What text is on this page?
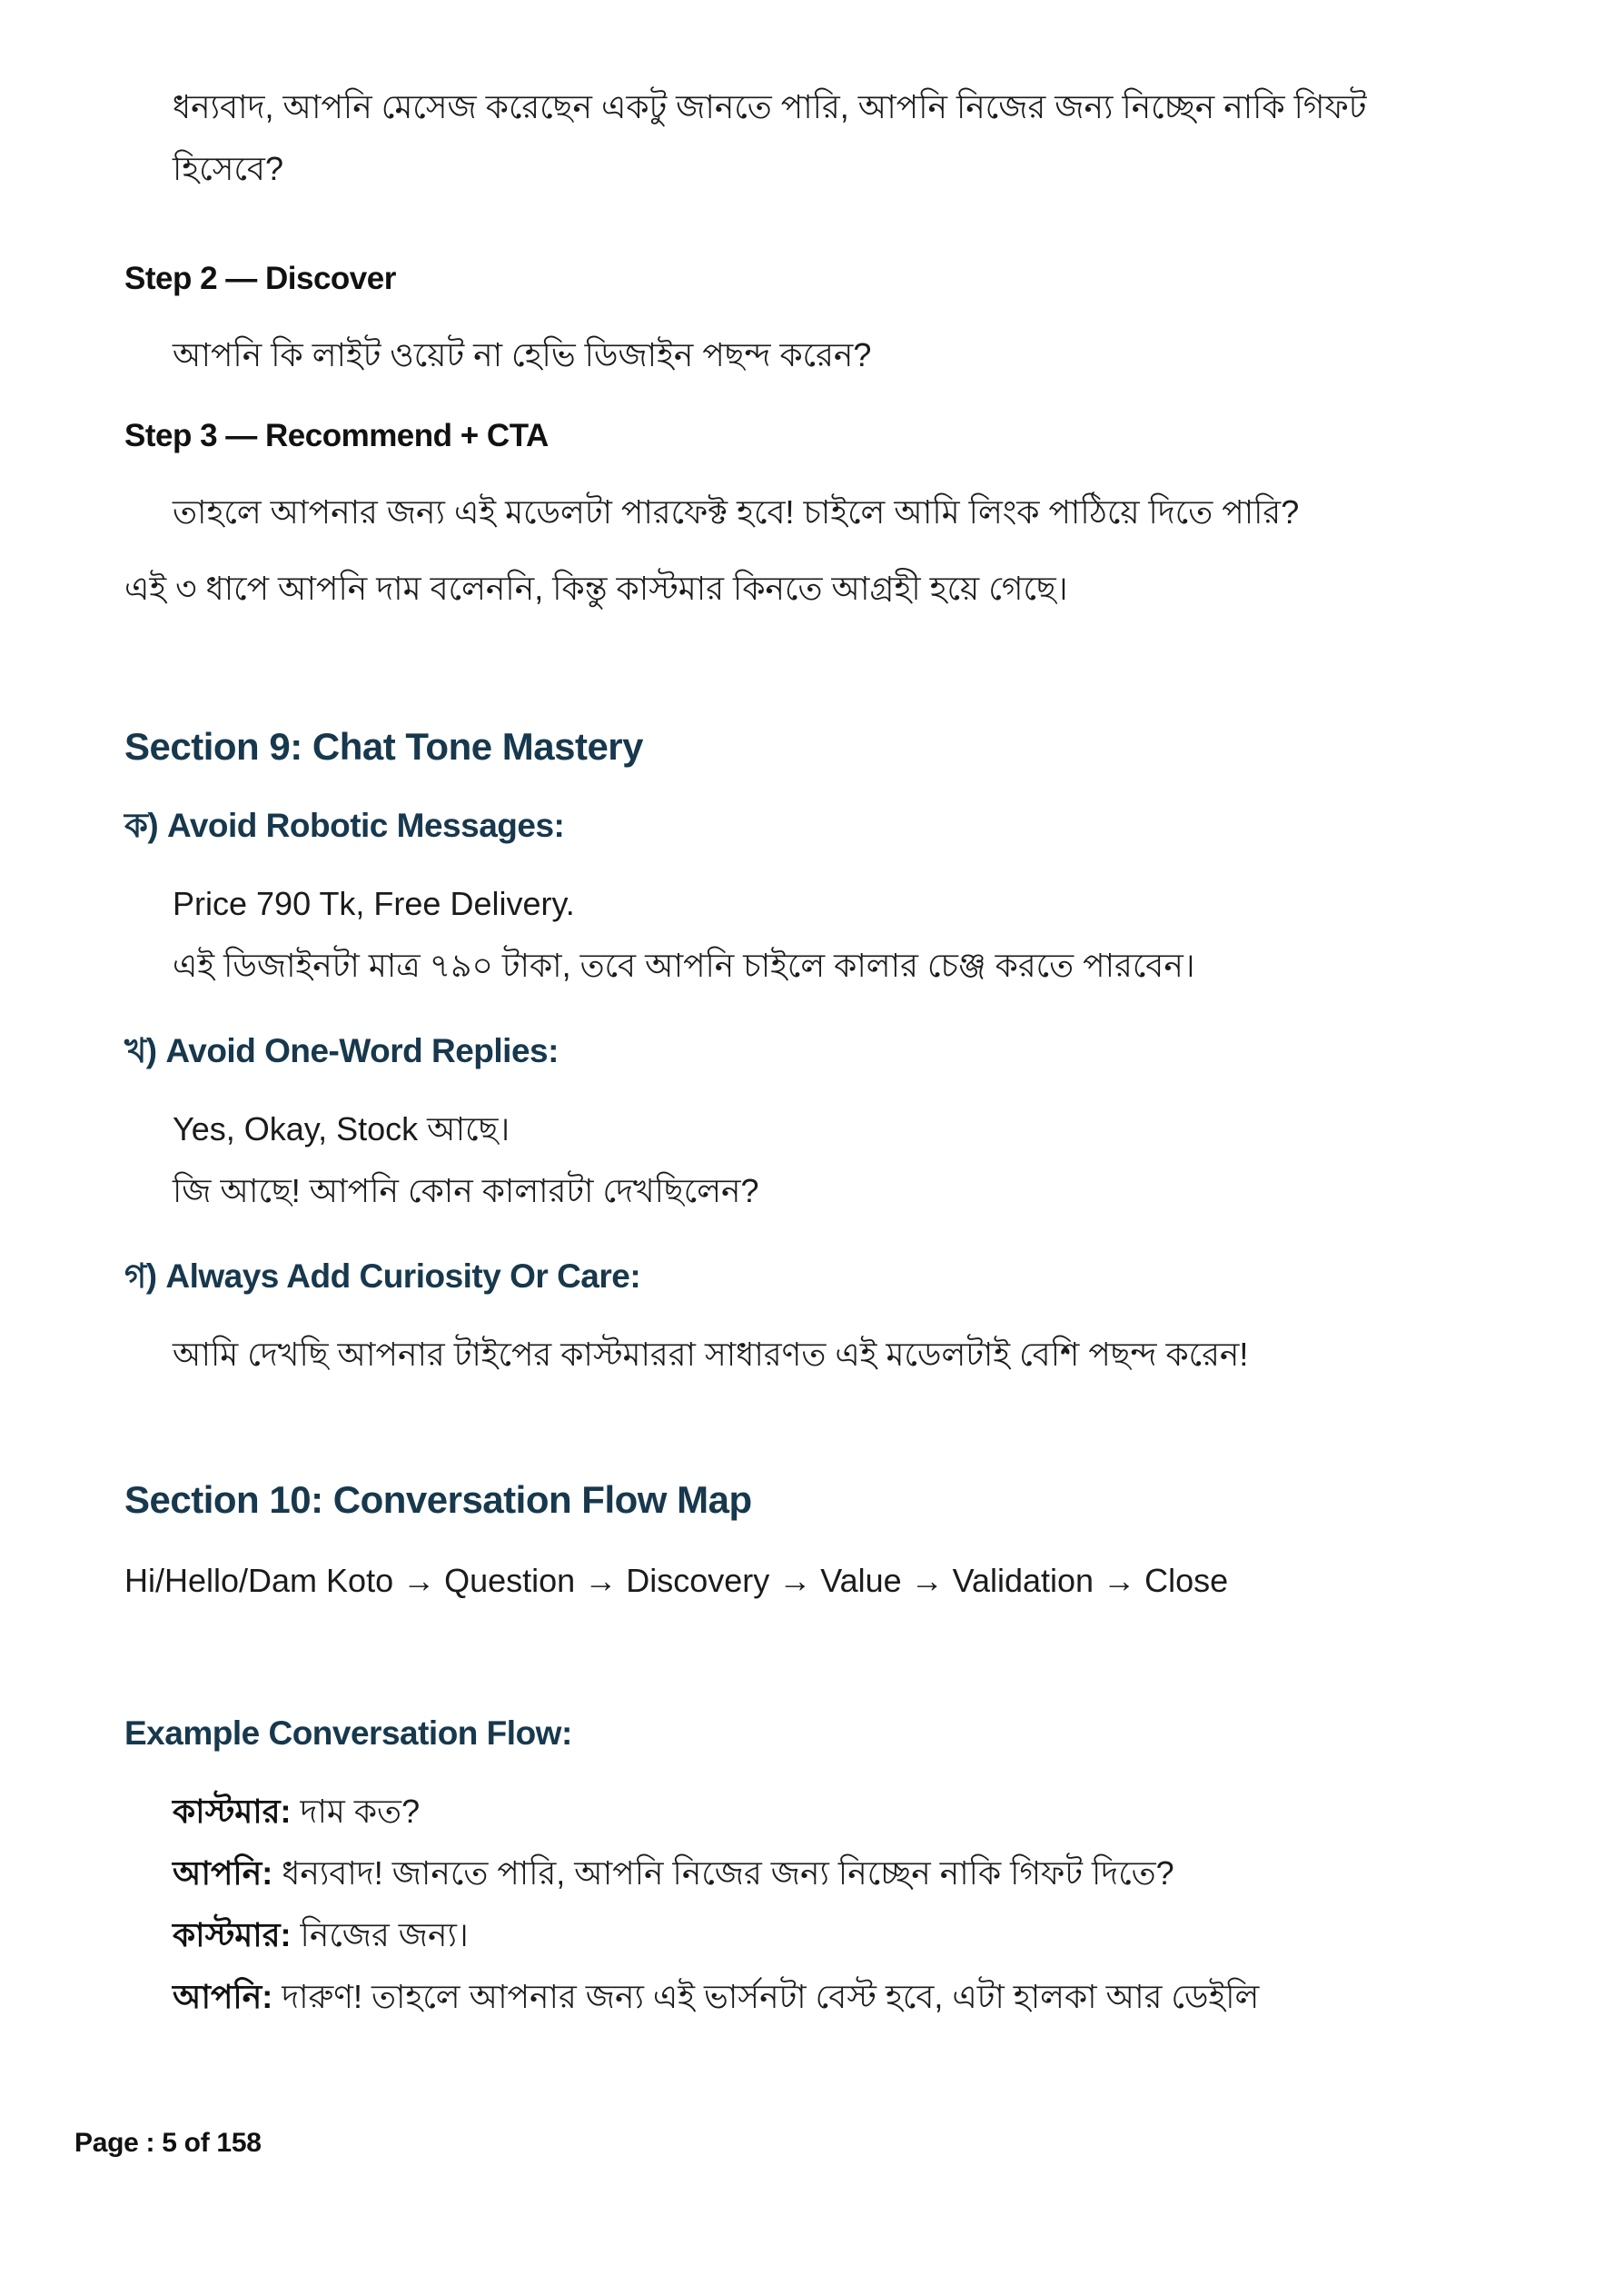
ধন্যবাদ, আপনি মেসেজ করেছেন একটু জানতে পারি, আপনি নিজের জন্য নিচ্ছেন নাকি গিফট হিসেবে?

Step 2 — Discover

আপনি কি লাইট ওয়েট না হেভি ডিজাইন পছন্দ করেন?

Step 3 — Recommend + CTA

তাহলে আপনার জন্য এই মডেলটা পারফেক্ট হবে! চাইলে আমি লিংক পাঠিয়ে দিতে পারি?

এই ৩ ধাপে আপনি দাম বলেননি, কিন্তু কাস্টমার কিনতে আগ্রহী হয়ে গেছে।

Section 9: Chat Tone Mastery
ক) Avoid Robotic Messages:
Price 790 Tk, Free Delivery.
এই ডিজাইনটা মাত্র ৭৯০ টাকা, তবে আপনি চাইলে কালার চেঞ্জ করতে পারবেন।
খ) Avoid One-Word Replies:
Yes, Okay, Stock আছে।
জি আছে! আপনি কোন কালারটা দেখছিলেন?
গ) Always Add Curiosity Or Care:
আমি দেখছি আপনার টাইপের কাস্টমাররা সাধারণত এই মডেলটাই বেশি পছন্দ করেন!
Section 10: Conversation Flow Map

Hi/Hello/Dam Koto → Question → Discovery → Value → Validation → Close

Example Conversation Flow:
কাস্টমার: দাম কত?
আপনি: ধন্যবাদ! জানতে পারি, আপনি নিজের জন্য নিচ্ছেন নাকি গিফট দিতে?
কাস্টমার: নিজের জন্য।
আপনি: দারুণ! তাহলে আপনার জন্য এই ভার্সনটা বেস্ট হবে, এটা হালকা আর ডেইলি
Page : 5 of 158
